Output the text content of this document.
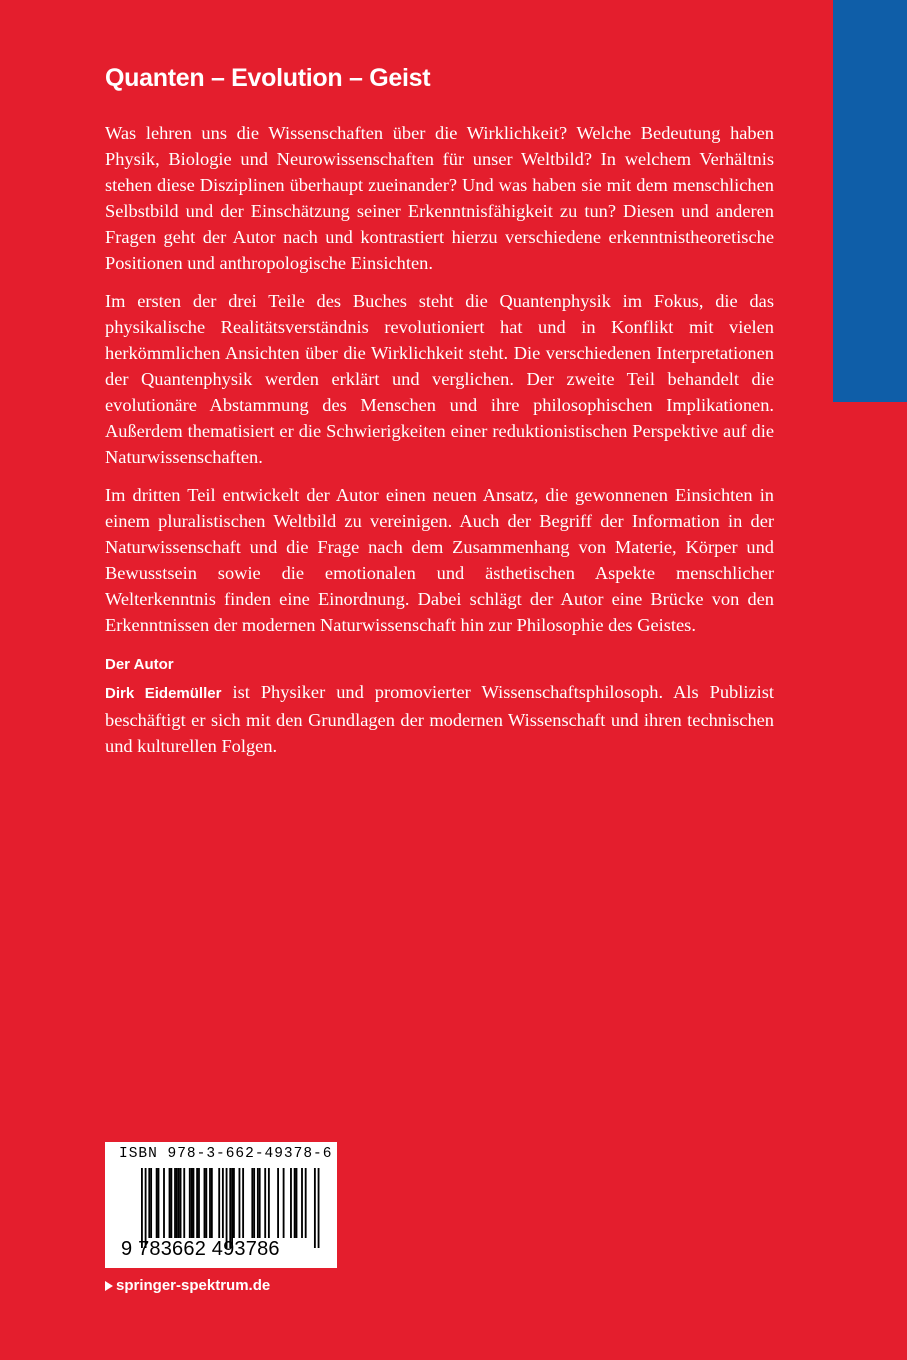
Quanten – Evolution – Geist

Was lehren uns die Wissenschaften über die Wirklichkeit? Welche Bedeutung haben Physik, Biologie und Neurowissenschaften für unser Weltbild? In welchem Verhältnis stehen diese Disziplinen überhaupt zueinander? Und was haben sie mit dem menschlichen Selbstbild und der Einschätzung seiner Erkenntnisfähigkeit zu tun? Diesen und anderen Fragen geht der Autor nach und kontrastiert hierzu verschiedene erkenntnistheoretische Positionen und anthropologische Einsichten.

Im ersten der drei Teile des Buches steht die Quantenphysik im Fokus, die das physikalische Realitätsverständnis revolutioniert hat und in Konflikt mit vielen herkömmlichen Ansichten über die Wirklichkeit steht. Die verschiedenen Interpretationen der Quantenphysik werden erklärt und verglichen. Der zweite Teil behandelt die evolutionäre Abstammung des Menschen und ihre philosophischen Implikationen. Außerdem thematisiert er die Schwierigkeiten einer reduktionistischen Perspektive auf die Naturwissenschaften.

Im dritten Teil entwickelt der Autor einen neuen Ansatz, die gewonnenen Einsichten in einem pluralistischen Weltbild zu vereinigen. Auch der Begriff der Information in der Naturwissenschaft und die Frage nach dem Zusammenhang von Materie, Körper und Bewusstsein sowie die emotionalen und ästhetischen Aspekte menschlicher Welterkenntnis finden eine Einordnung. Dabei schlägt der Autor eine Brücke von den Erkenntnissen der modernen Naturwissenschaft hin zur Philosophie des Geistes.

Der Autor

Dirk Eidemüller ist Physiker und promovierter Wissenschaftsphilosoph. Als Publizist beschäftigt er sich mit den Grundlagen der modernen Wissenschaft und ihren technischen und kulturellen Folgen.

ISBN 978-3-662-49378-6
9 783662 493786
springer-spektrum.de
